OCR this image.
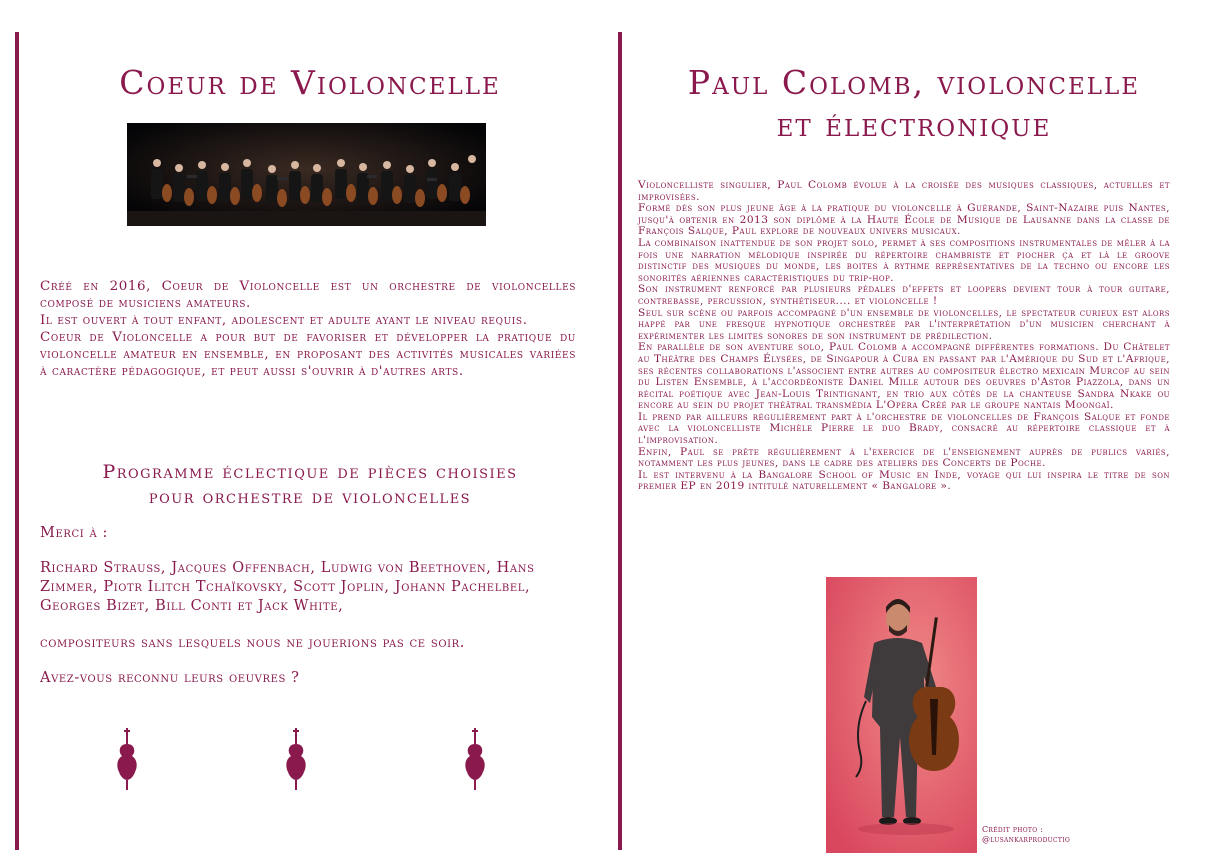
Coeur de Violoncelle

Créé en 2016, Coeur de Violoncelle est un orchestre de violoncelles composé de musiciens amateurs.

Il est ouvert à tout enfant, adolescent et adulte ayant le niveau requis.

Coeur de Violoncelle a pour but de favoriser et développer la pratique du violoncelle amateur en ensemble, en proposant des activités musicales variées à caractère pédagogique, et peut aussi s'ouvrir à d'autres arts.

Programme éclectique de pièces choisies
pour orchestre de violoncelles

Merci à :

Richard Strauss, Jacques Offenbach, Ludwig von Beethoven, Hans Zimmer, Piotr Ilitch Tchaïkovsky, Scott Joplin, Johann Pachelbel, Georges Bizet, Bill Conti et Jack White,

compositeurs sans lesquels nous ne jouerions pas ce soir.

Avez-vous reconnu leurs oeuvres ?

Paul Colomb, violoncelle
et électronique

Violoncelliste singulier, Paul Colomb évolue à la croisée des musiques classiques, actuelles et improvisées.

Formé dès son plus jeune âge à la pratique du violoncelle à Guérande, Saint-Nazaire puis Nantes, jusqu'à obtenir en 2013 son diplôme à la Haute École de Musique de Lausanne dans la classe de François Salque, Paul explore de nouveaux univers musicaux.

La combinaison inattendue de son projet solo, permet à ses compositions instrumentales de mêler à la fois une narration mélodique inspirée du répertoire chambriste et piocher ça et là le groove distinctif des musiques du monde, les boites à rythme représentatives de la techno ou encore les sonorités aériennes caractéristiques du trip-hop.

Son instrument renforcé par plusieurs pédales d'effets et loopers devient tour à tour guitare, contrebasse, percussion, synthétiseur.... et violoncelle !

Seul sur scène ou parfois accompagné d'un ensemble de violoncelles, le spectateur curieux est alors happé par une fresque hypnotique orchestrée par l'interprétation d'un musicien cherchant à expérimenter les limites sonores de son instrument de prédilection.

En parallèle de son aventure solo, Paul Colomb a accompagné différentes formations. Du Châtelet au Théâtre des Champs Élysées, de Singapour à Cuba en passant par l'Amérique du Sud et l'Afrique, ses récentes collaborations l'associent entre autres au compositeur électro mexicain Murcof au sein du Listen Ensemble, à l'accordéoniste Daniel Mille autour des oeuvres d'Astor Piazzola, dans un récital poétique avec Jean-Louis Trintignant, en trio aux côtés de la chanteuse Sandra Nkake ou encore au sein du projet théâtral transmédia L'Opéra Créé par le groupe nantais Moongaï.

Il prend par ailleurs régulièrement part à l'orchestre de violoncelles de François Salque et fonde avec la violoncelliste Michèle Pierre le duo Brady, consacré au répertoire classique et à l'improvisation.

Enfin, Paul se prête régulièrement à l'exercice de l'enseignement auprès de publics variés, notamment les plus jeunes, dans le cadre des ateliers des Concerts de Poche.

Il est intervenu à la Bangalore School of Music en Inde, voyage qui lui inspira le titre de son premier EP en 2019 intitulé naturellement « Bangalore ».

Crédit photo :
@lusankarproductio
